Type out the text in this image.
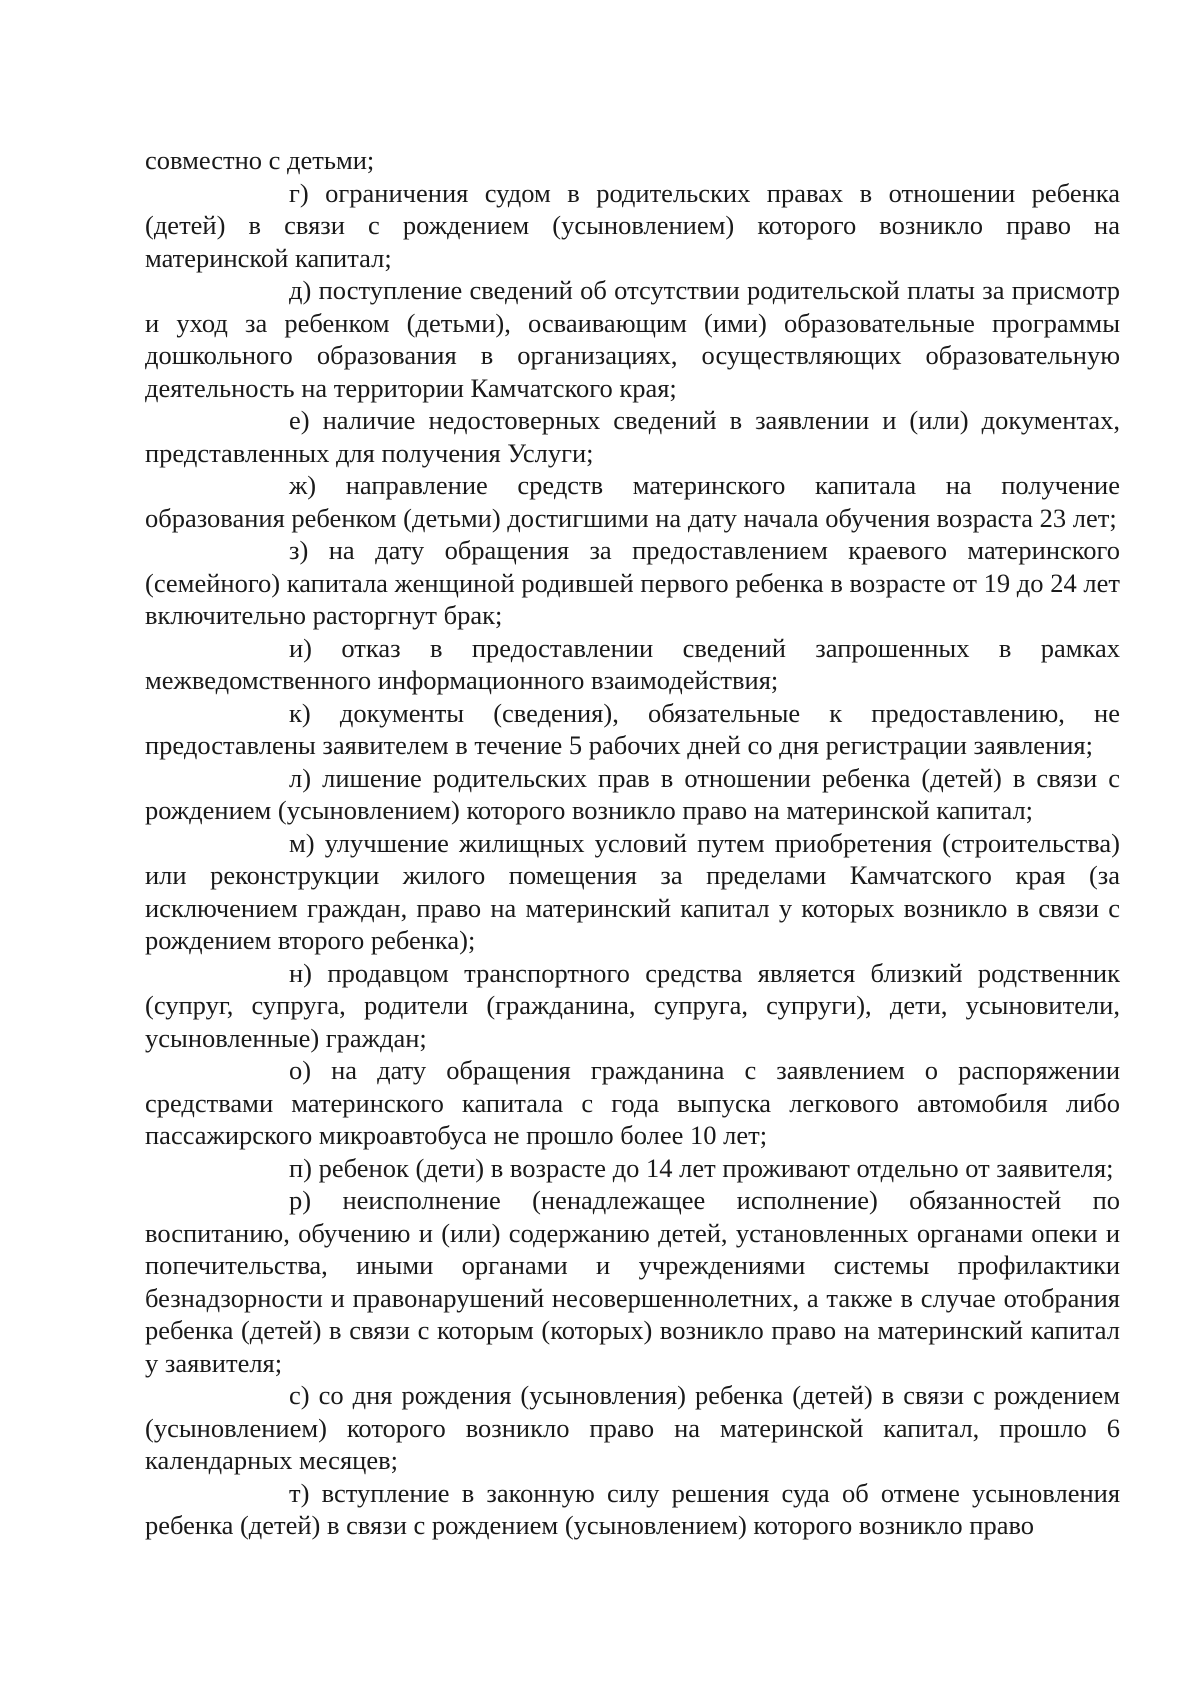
совместно с детьми;

г) ограничения судом в родительских правах в отношении ребенка (детей) в связи с рождением (усыновлением) которого возникло право на материнской капитал;

д) поступление сведений об отсутствии родительской платы за присмотр и уход за ребенком (детьми), осваивающим (ими) образовательные программы дошкольного образования в организациях, осуществляющих образовательную деятельность на территории Камчатского края;

е) наличие недостоверных сведений в заявлении и (или) документах, представленных для получения Услуги;

ж) направление средств материнского капитала на получение образования ребенком (детьми) достигшими на дату начала обучения возраста 23 лет;

з) на дату обращения за предоставлением краевого материнского (семейного) капитала женщиной родившей первого ребенка в возрасте от 19 до 24 лет включительно расторгнут брак;

и) отказ в предоставлении сведений запрошенных в рамках межведомственного информационного взаимодействия;

к) документы (сведения), обязательные к предоставлению, не предоставлены заявителем в течение 5 рабочих дней со дня регистрации заявления;

л) лишение родительских прав в отношении ребенка (детей) в связи с рождением (усыновлением) которого возникло право на материнской капитал;

м) улучшение жилищных условий путем приобретения (строительства) или реконструкции жилого помещения за пределами Камчатского края (за исключением граждан, право на материнский капитал у которых возникло в связи с рождением второго ребенка);

н) продавцом транспортного средства является близкий родственник (супруг, супруга, родители (гражданина, супруга, супруги), дети, усыновители, усыновленные) граждан;

о) на дату обращения гражданина с заявлением о распоряжении средствами материнского капитала с года выпуска легкового автомобиля либо пассажирского микроавтобуса не прошло более 10 лет;

п) ребенок (дети) в возрасте до 14 лет проживают отдельно от заявителя;

р) неисполнение (ненадлежащее исполнение) обязанностей по воспитанию, обучению и (или) содержанию детей, установленных органами опеки и попечительства, иными органами и учреждениями системы профилактики безнадзорности и правонарушений несовершеннолетних, а также в случае отобрания ребенка (детей) в связи с которым (которых) возникло право на материнский капитал у заявителя;

с) со дня рождения (усыновления) ребенка (детей) в связи с рождением (усыновлением) которого возникло право на материнской капитал, прошло 6 календарных месяцев;

т) вступление в законную силу решения суда об отмене усыновления ребенка (детей) в связи с рождением (усыновлением) которого возникло право
